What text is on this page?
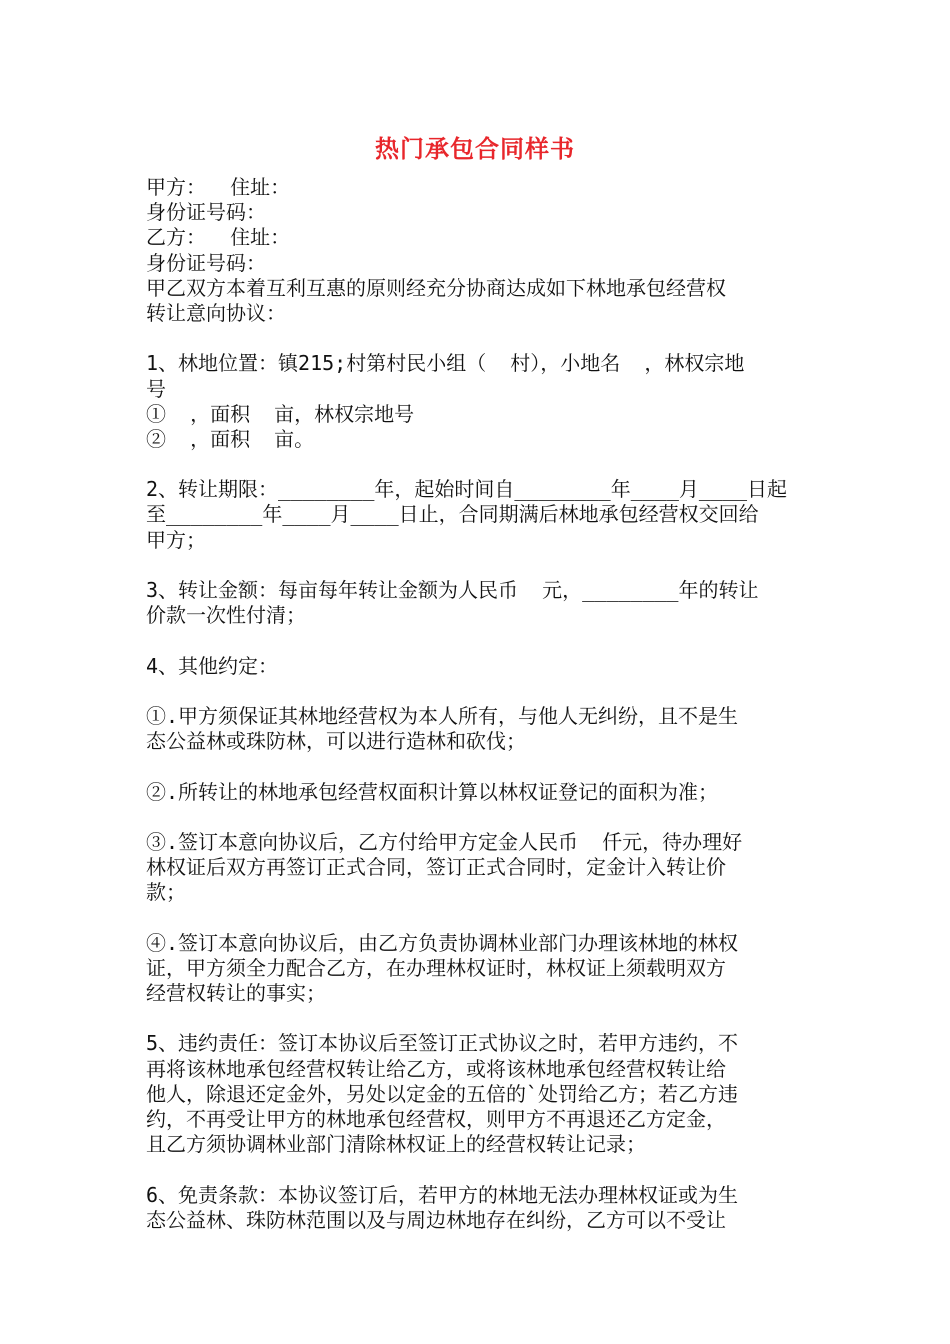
热门承包合同样书
甲方：  住址：
身份证号码：
乙方：  住址：
身份证号码：
甲乙双方本着互利互惠的原则经充分协商达成如下林地承包经营权
转让意向协议：
1、林地位置：镇215;村第村民小组（  村），小地名  ，林权宗地
号
①  ，面积  亩，林权宗地号
②  ，面积  亩。
2、转让期限：________年，起始时间自________年____月____日起
至________年____月____日止，合同期满后林地承包经营权交回给
甲方；
3、转让金额：每亩每年转让金额为人民币  元，________年的转让
价款一次性付清；
4、其他约定：
①.甲方须保证其林地经营权为本人所有，与他人无纠纷，且不是生
态公益林或珠防林，可以进行造林和砍伐；
②.所转让的林地承包经营权面积计算以林权证登记的面积为准；
③.签订本意向协议后，乙方付给甲方定金人民币  仟元，待办理好
林权证后双方再签订正式合同，签订正式合同时，定金计入转让价
款；
④.签订本意向协议后，由乙方负责协调林业部门办理该林地的林权
证，甲方须全力配合乙方，在办理林权证时，林权证上须载明双方
经营权转让的事实；
5、违约责任：签订本协议后至签订正式协议之时，若甲方违约，不
再将该林地承包经营权转让给乙方，或将该林地承包经营权转让给
他人，除退还定金外，另处以定金的五倍的`处罚给乙方；若乙方违
约，不再受让甲方的林地承包经营权，则甲方不再退还乙方定金，
且乙方须协调林业部门清除林权证上的经营权转让记录；
6、免责条款：本协议签订后，若甲方的林地无法办理林权证或为生
态公益林、珠防林范围以及与周边林地存在纠纷，乙方可以不受让
